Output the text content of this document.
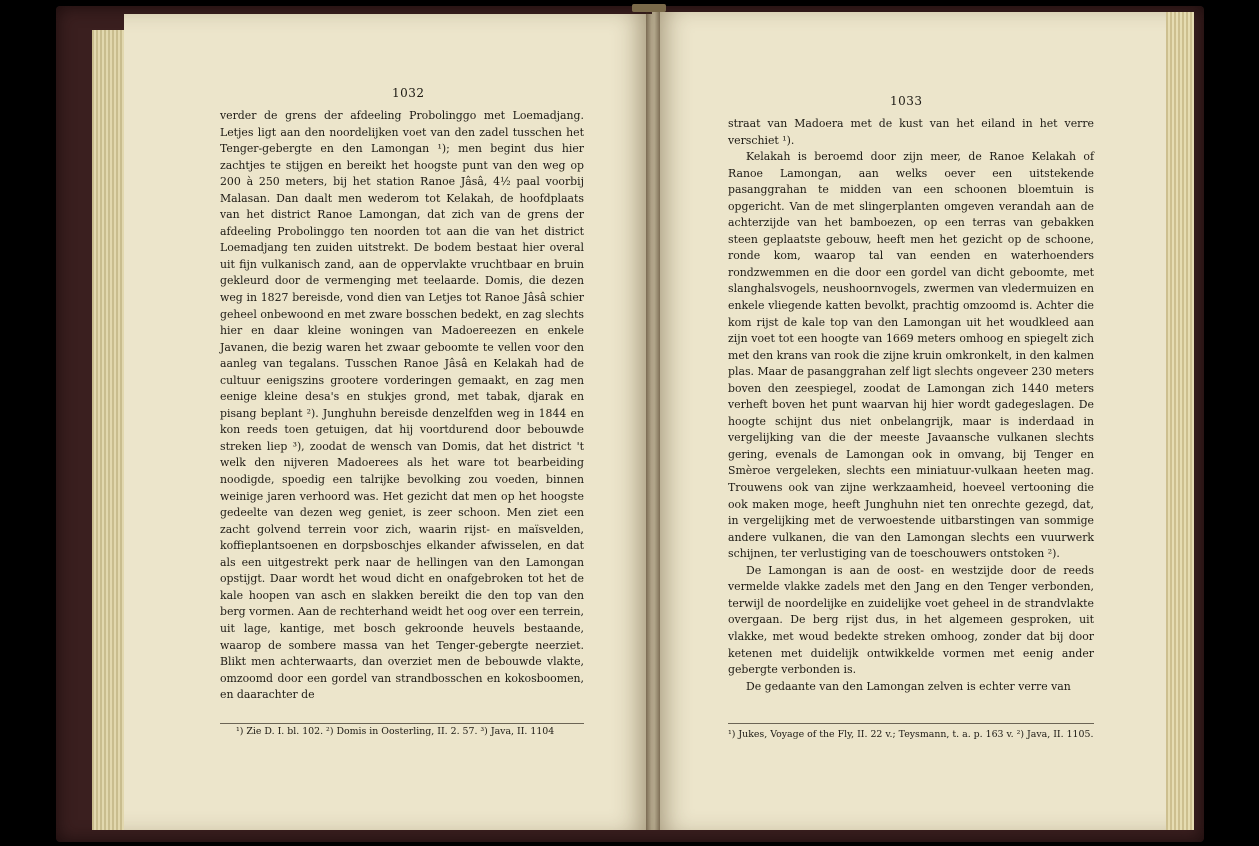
1032

verder de grens der afdeeling Probolinggo met Loemadjang. Letjes ligt aan den noordelijken voet van den zadel tusschen het Tenger-gebergte en den Lamongan ¹); men begint dus hier zachtjes te stijgen en bereikt het hoogste punt van den weg op 200 à 250 meters, bij het station Ranoe Jâsâ, 4½ paal voorbij Malasan. Dan daalt men wederom tot Kelakah, de hoofdplaats van het district Ranoe Lamongan, dat zich van de grens der afdeeling Probolinggo ten noorden tot aan die van het district Loemadjang ten zuiden uitstrekt. De bodem bestaat hier overal uit fijn vulkanisch zand, aan de oppervlakte vruchtbaar en bruin gekleurd door de vermenging met teelaarde. Domis, die dezen weg in 1827 bereisde, vond dien van Letjes tot Ranoe Jâsâ schier geheel onbewoond en met zware bosschen bedekt, en zag slechts hier en daar kleine woningen van Madoereezen en enkele Javanen, die bezig waren het zwaar geboomte te vellen voor den aanleg van tegalans. Tusschen Ranoe Jâsâ en Kelakah had de cultuur eenigszins grootere vorderingen gemaakt, en zag men eenige kleine desa's en stukjes grond, met tabak, djarak en pisang beplant ²). Junghuhn bereisde denzelfden weg in 1844 en kon reeds toen getuigen, dat hij voortdurend door bebouwde streken liep ³), zoodat de wensch van Domis, dat het district 't welk den nijveren Madoerees als het ware tot bearbeiding noodigde, spoedig een talrijke bevolking zou voeden, binnen weinige jaren verhoord was. Het gezicht dat men op het hoogste gedeelte van dezen weg geniet, is zeer schoon. Men ziet een zacht golvend terrein voor zich, waarin rijst- en maïsvelden, koffieplantsoenen en dorpsboschjes elkander afwisselen, en dat als een uitgestrekt perk naar de hellingen van den Lamongan opstijgt. Daar wordt het woud dicht en onafgebroken tot het de kale hoopen van asch en slakken bereikt die den top van den berg vormen. Aan de rechterhand weidt het oog over een terrein, uit lage, kantige, met bosch gekroonde heuvels bestaande, waarop de sombere massa van het Tenger-gebergte neerziet. Blikt men achterwaarts, dan overziet men de bebouwde vlakte, omzoomd door een gordel van strandbosschen en kokosboomen, en daarachter de

¹) Zie D. I. bl. 102. ²) Domis in Oosterling, II. 2. 57. ³) Java, II. 1104
1033

straat van Madoera met de kust van het eiland in het verre verschiet ¹).

Kelakah is beroemd door zijn meer, de Ranoe Kelakah of Ranoe Lamongan, aan welks oever een uitstekende pasanggrahan te midden van een schoonen bloemtuin is opgericht. Van de met slingerplanten omgeven verandah aan de achterzijde van het bamboezen, op een terras van gebakken steen geplaatste gebouw, heeft men het gezicht op de schoone, ronde kom, waarop tal van eenden en waterhoenders rondzwemmen en die door een gordel van dicht geboomte, met slanghalsvogels, neushoornvogels, zwermen van vledermuizen en enkele vliegende katten bevolkt, prachtig omzoomd is. Achter die kom rijst de kale top van den Lamongan uit het woudkleed aan zijn voet tot een hoogte van 1669 meters omhoog en spiegelt zich met den krans van rook die zijne kruin omkronkelt, in den kalmen plas. Maar de pasanggrahan zelf ligt slechts ongeveer 230 meters boven den zeespiegel, zoodat de Lamongan zich 1440 meters verheft boven het punt waarvan hij hier wordt gadegeslagen. De hoogte schijnt dus niet onbelangrijk, maar is inderdaad in vergelijking van die der meeste Javaansche vulkanen slechts gering, evenals de Lamongan ook in omvang, bij Tenger en Smèroe vergeleken, slechts een miniatuur-vulkaan heeten mag. Trouwens ook van zijne werkzaamheid, hoeveel vertooning die ook maken moge, heeft Junghuhn niet ten onrechte gezegd, dat, in vergelijking met de verwoestende uitbarstingen van sommige andere vulkanen, die van den Lamongan slechts een vuurwerk schijnen, ter verlustiging van de toeschouwers ontstoken ²).

De Lamongan is aan de oost- en westzijde door de reeds vermelde vlakke zadels met den Jang en den Tenger verbonden, terwijl de noordelijke en zuidelijke voet geheel in de strandvlakte overgaan. De berg rijst dus, in het algemeen gesproken, uit vlakke, met woud bedekte streken omhoog, zonder dat bij door ketenen met duidelijk ontwikkelde vormen met eenig ander gebergte verbonden is.

De gedaante van den Lamongan zelven is echter verre van

¹) Jukes, Voyage of the Fly, II. 22 v.; Teysmann, t. a. p. 163 v. ²) Java, II. 1105.
